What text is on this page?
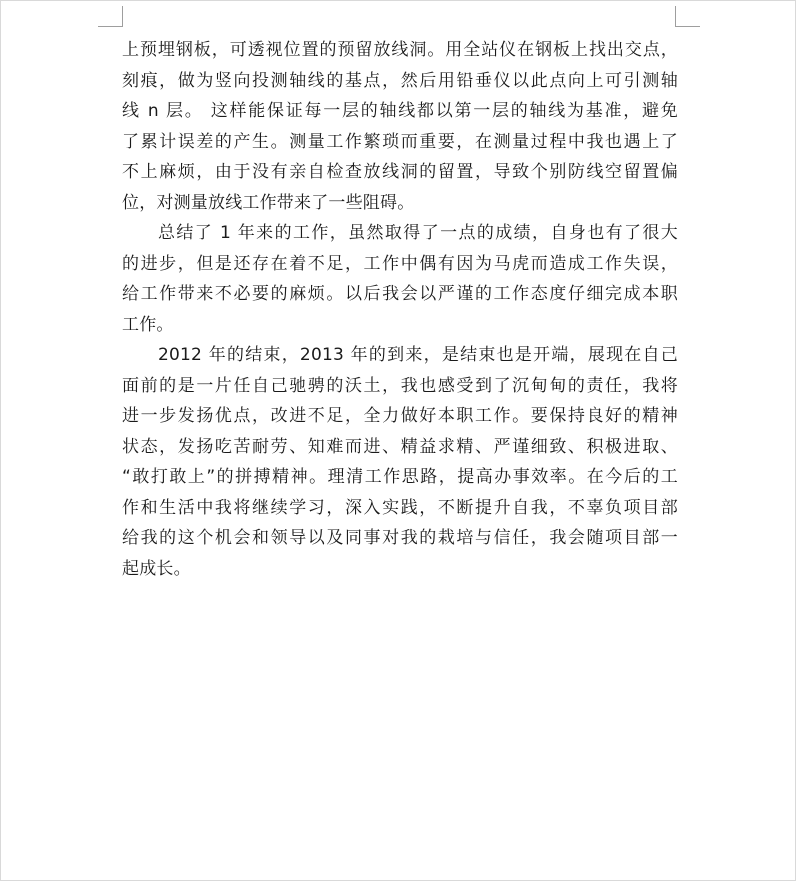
上预埋钢板，可透视位置的预留放线洞。用全站仪在钢板上找出交点，
刻痕，做为竖向投测轴线的基点，然后用铅垂仪以此点向上可引测轴
线 n 层。 这样能保证每一层的轴线都以第一层的轴线为基准，避免
了累计误差的产生。测量工作繁琐而重要，在测量过程中我也遇上了
不上麻烦，由于没有亲自检查放线洞的留置，导致个别防线空留置偏
位，对测量放线工作带来了一些阻碍。

总结了 1 年来的工作，虽然取得了一点的成绩，自身也有了很大
的进步，但是还存在着不足，工作中偶有因为马虎而造成工作失误，
给工作带来不必要的麻烦。以后我会以严谨的工作态度仔细完成本职
工作。

2012 年的结束，2013 年的到来，是结束也是开端，展现在自己
面前的是一片任自己驰骋的沃土，我也感受到了沉甸甸的责任，我将
进一步发扬优点，改进不足，全力做好本职工作。要保持良好的精神
状态，发扬吃苦耐劳、知难而进、精益求精、严谨细致、积极进取、
“敢打敢上”的拼搏精神。理清工作思路，提高办事效率。在今后的工
作和生活中我将继续学习，深入实践，不断提升自我，不辜负项目部
给我的这个机会和领导以及同事对我的栽培与信任，我会随项目部一
起成长。
